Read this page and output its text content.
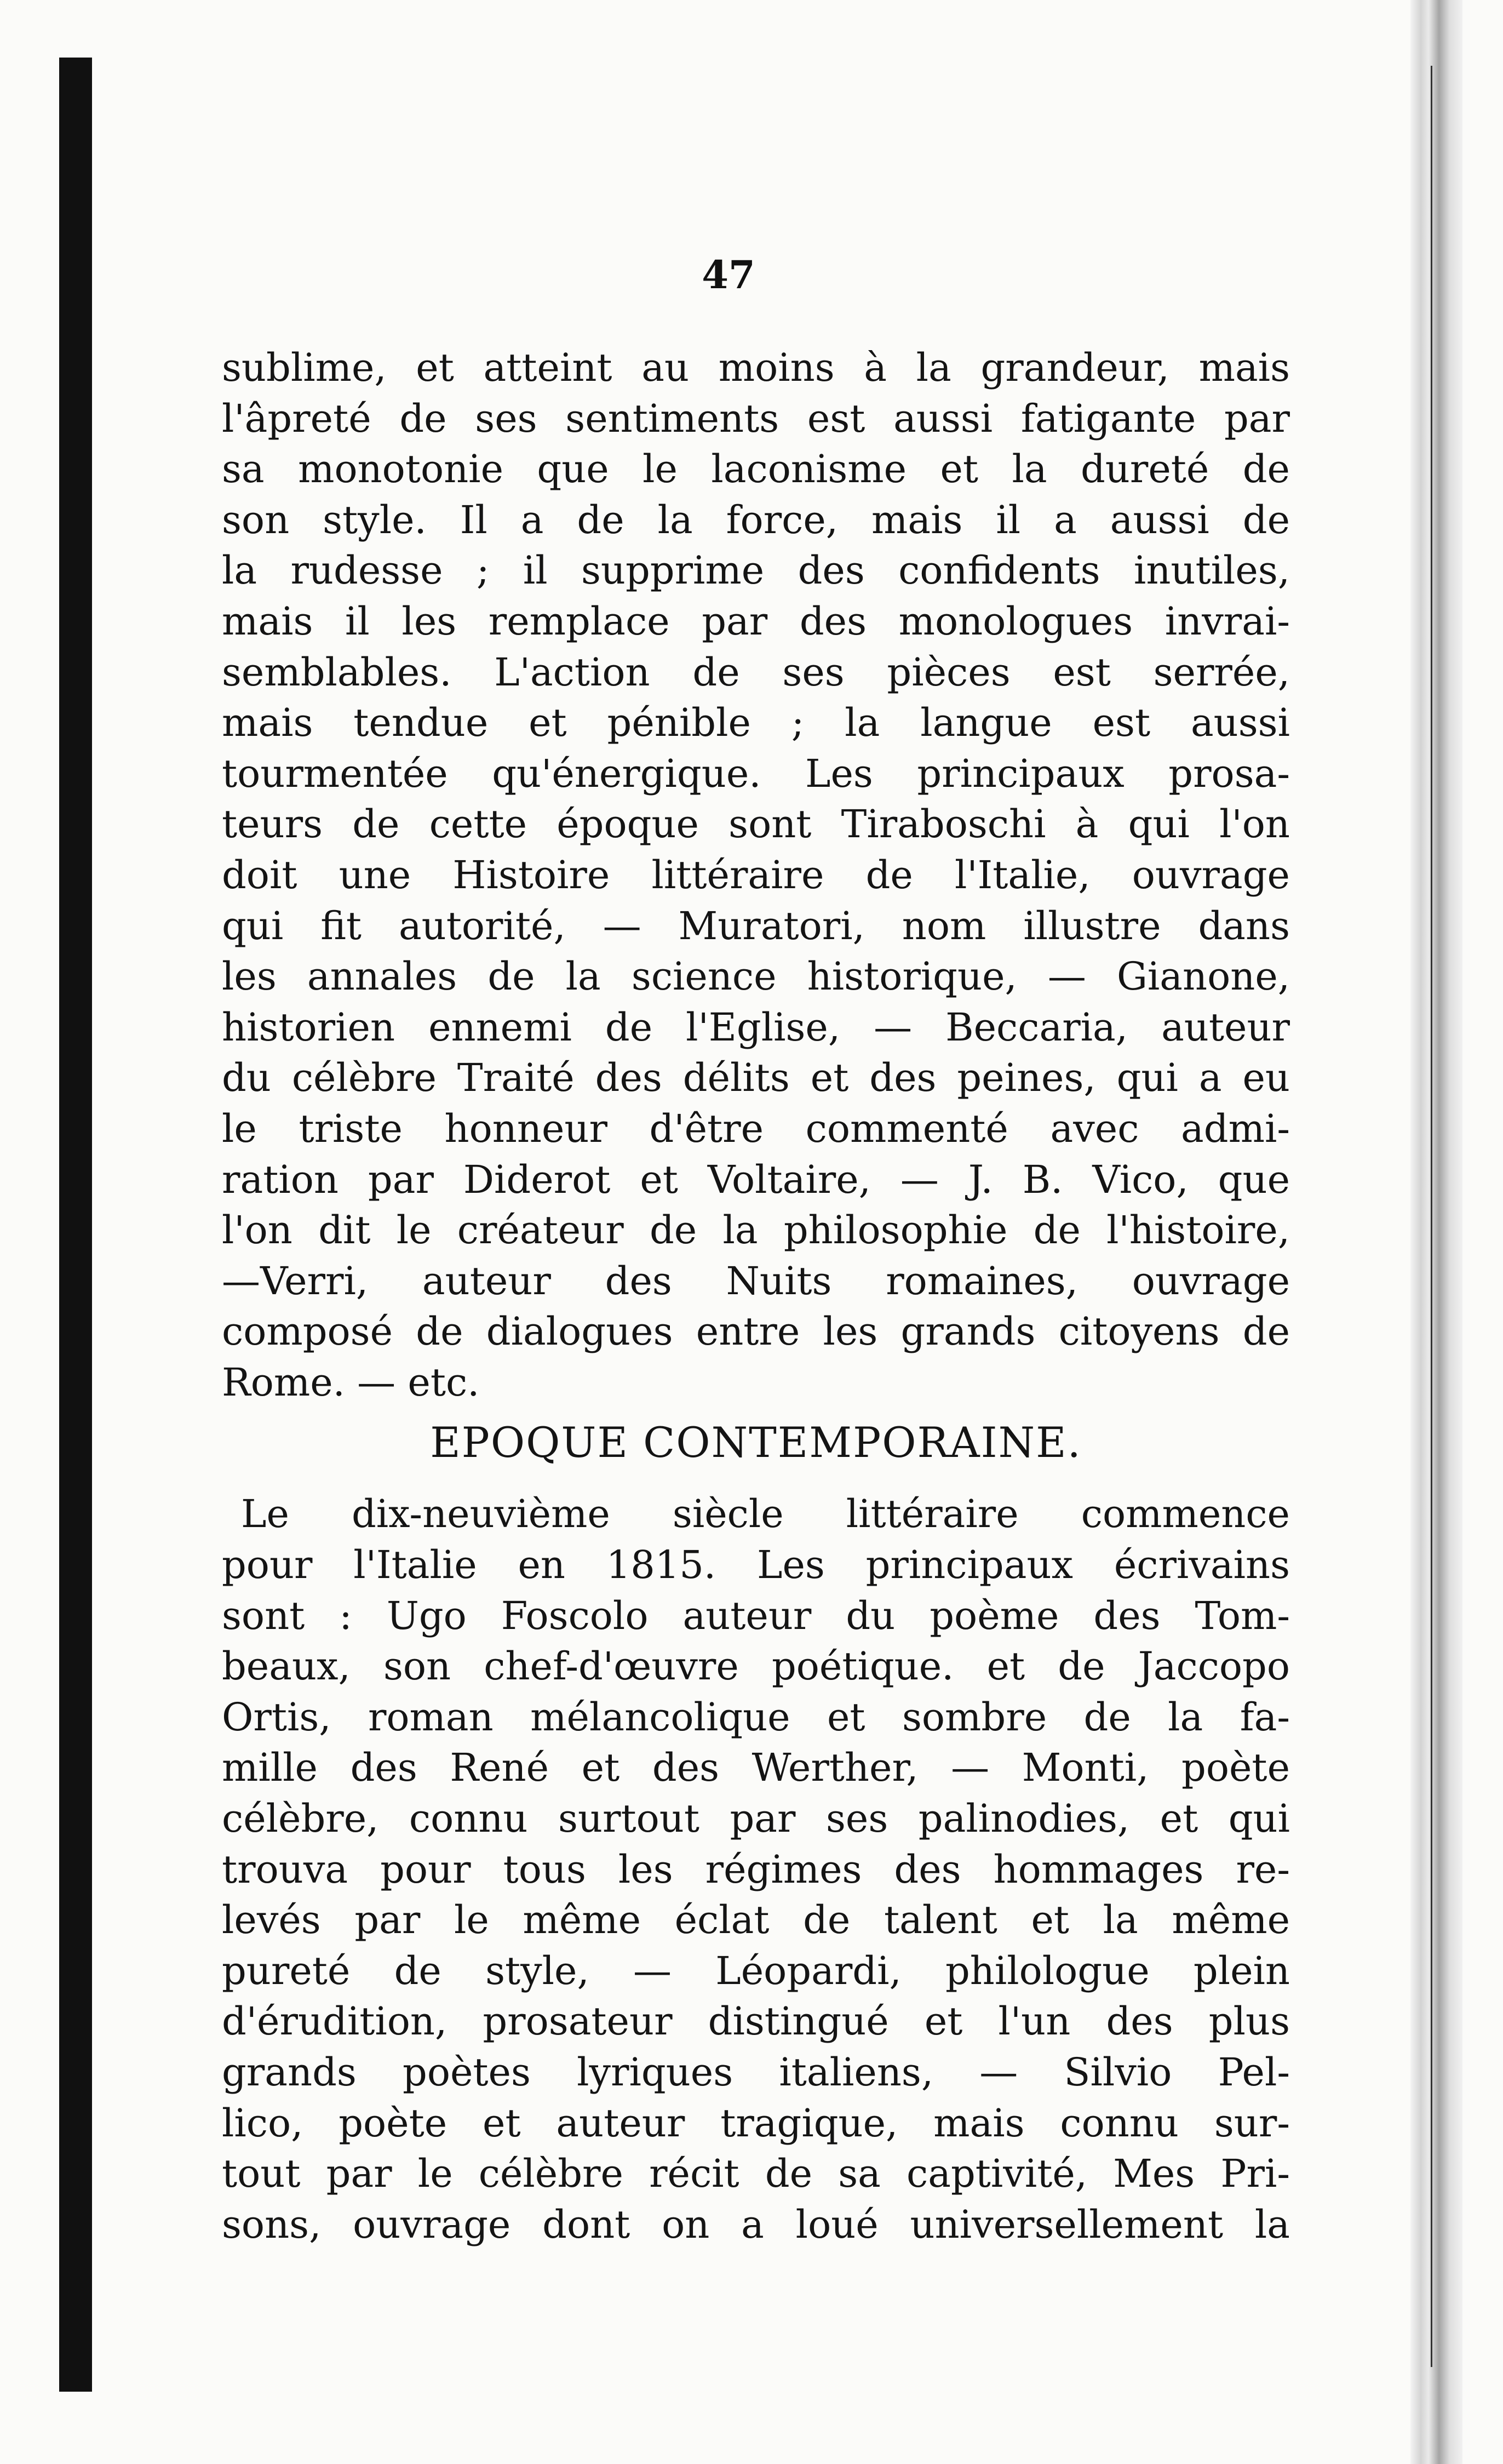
47
sublime, et atteint au moins à la grandeur, mais
l'âpreté de ses sentiments est aussi fatigante par
sa monotonie que le laconisme et la dureté de
son style. Il a de la force, mais il a aussi de
la rudesse ; il supprime des confidents inutiles,
mais il les remplace par des monologues invrai-
semblables. L'action de ses pièces est serrée,
mais tendue et pénible ; la langue est aussi
tourmentée qu'énergique. Les principaux prosa-
teurs de cette époque sont Tiraboschi à qui l'on
doit une Histoire littéraire de l'Italie, ouvrage
qui fit autorité, — Muratori, nom illustre dans
les annales de la science historique, — Gianone,
historien ennemi de l'Eglise, — Beccaria, auteur
du célèbre Traité des délits et des peines, qui a eu
le triste honneur d'être commenté avec admi-
ration par Diderot et Voltaire, — J. B. Vico, que
l'on dit le créateur de la philosophie de l'histoire,
—Verri, auteur des Nuits romaines, ouvrage
composé de dialogues entre les grands citoyens de
Rome. — etc.
EPOQUE CONTEMPORAINE.
Le dix-neuvième siècle littéraire commence
pour l'Italie en 1815. Les principaux écrivains
sont : Ugo Foscolo auteur du poème des Tom-
beaux, son chef-d'œuvre poétique. et de Jaccopo
Ortis, roman mélancolique et sombre de la fa-
mille des René et des Werther, — Monti, poète
célèbre, connu surtout par ses palinodies, et qui
trouva pour tous les régimes des hommages re-
levés par le même éclat de talent et la même
pureté de style, — Léopardi, philologue plein
d'érudition, prosateur distingué et l'un des plus
grands poètes lyriques italiens, — Silvio Pel-
lico, poète et auteur tragique, mais connu sur-
tout par le célèbre récit de sa captivité, Mes Pri-
sons, ouvrage dont on a loué universellement la
